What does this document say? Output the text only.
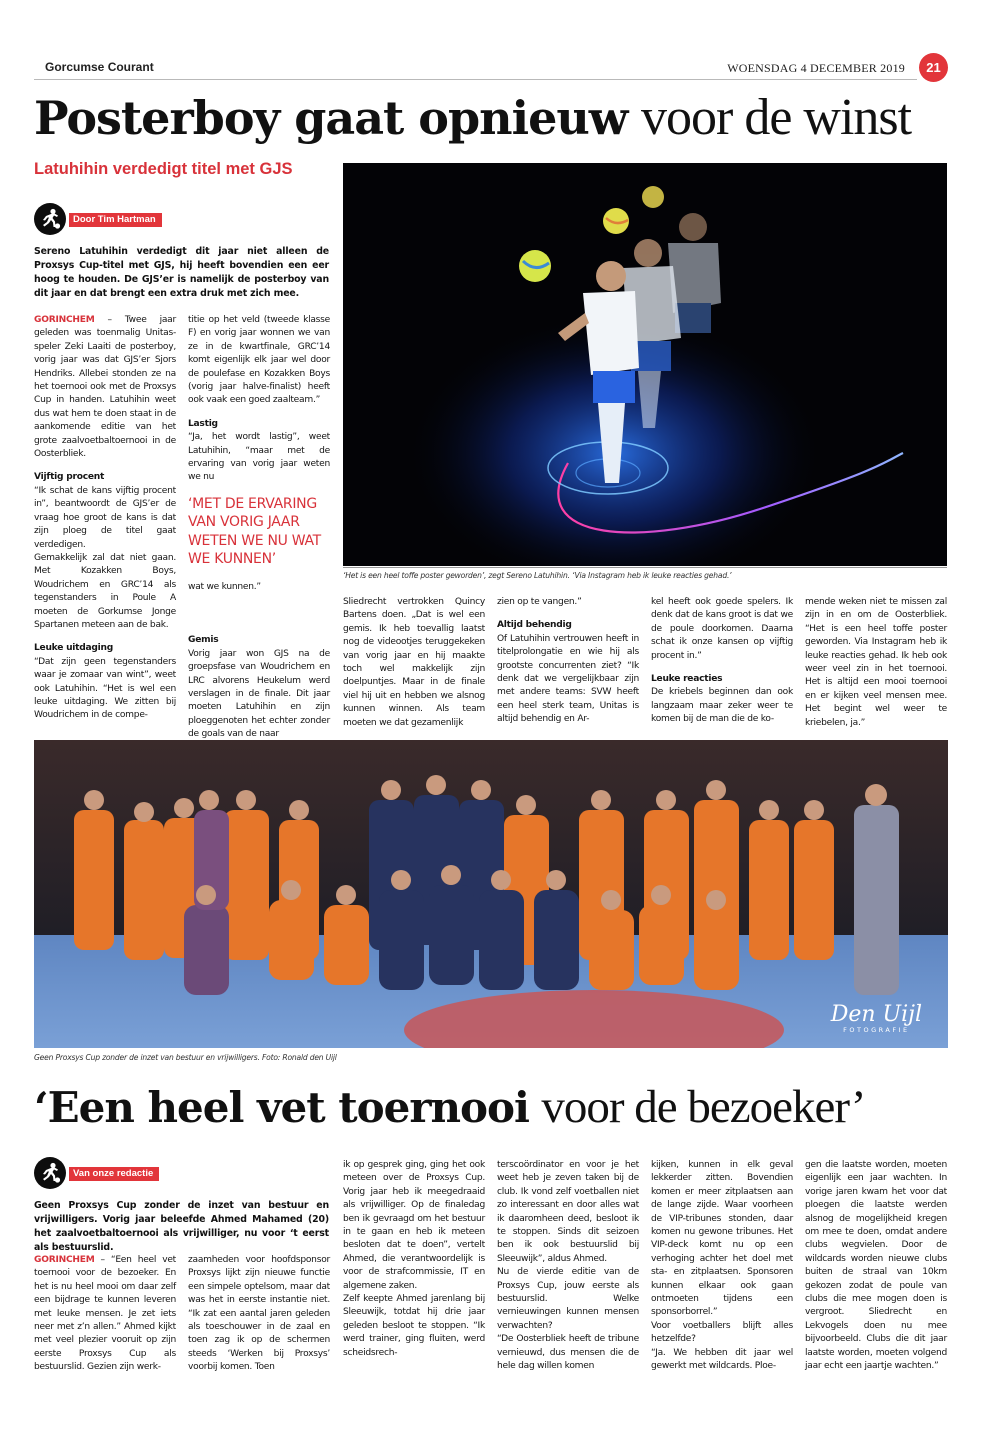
Gorcumse Courant	WOENSDAG 4 DECEMBER 2019	21
Posterboy gaat opnieuw voor de winst
Latuhihin verdedigt titel met GJS
Door Tim Hartman
Sereno Latuhihin verdedigt dit jaar niet alleen de Proxsys Cup-titel met GJS, hij heeft bovendien een eer hoog te houden. De GJS’er is namelijk de posterboy van dit jaar en dat brengt een extra druk met zich mee.

GORINCHEM – Twee jaar geleden was toenmalig Unitas-speler Zeki Laaiti de posterboy, vorig jaar was dat GJS’er Sjors Hendriks. Allebei stonden ze na het toernooi ook met de Proxsys Cup in handen. Latuhihin weet dus wat hem te doen staat in de aankomende editie van het grote zaalvoetbaltoernooi in de Oosterbliek.

Vijftig procent

“Ik schat de kans vijftig procent in”, beantwoordt de GJS’er de vraag hoe groot de kans is dat zijn ploeg de titel gaat verdedigen.

Gemakkelijk zal dat niet gaan. Met Kozakken Boys, Woudrichem en GRC’14 als tegenstanders in Poule A moeten de Gorkumse Jonge Spartanen meteen aan de bak.

Leuke uitdaging

“Dat zijn geen tegenstanders waar je zomaar van wint”, weet ook Latuhihin. “Het is wel een leuke uitdaging. We zitten bij Woudrichem in de compe-

titie op het veld (tweede klasse F) en vorig jaar wonnen we van ze in de kwartfinale, GRC’14 komt eigenlijk elk jaar wel door de poulefase en Kozakken Boys (vorig jaar halve-finalist) heeft ook vaak een goed zaalteam.”

Lastig

“Ja, het wordt lastig”, weet Latuhihin, “maar met de ervaring van vorig jaar weten we nu

‘MET DE ERVARING VAN VORIG JAAR WETEN WE NU WAT WE KUNNEN’

wat we kunnen.”

Gemis

Vorig jaar won GJS na de groepsfase van Woudrichem en LRC alvorens Heukelum werd verslagen in de finale. Dit jaar moeten Latuhihin en zijn ploeggenoten het echter zonder de goals van de naar

‘Het is een heel toffe poster geworden’, zegt Sereno Latuhihin. ‘Via Instagram heb ik leuke reacties gehad.’

Sliedrecht vertrokken Quincy Bartens doen. „Dat is wel een gemis. Ik heb toevallig laatst nog de videootjes teruggekeken van vorig jaar en hij maakte toch wel makkelijk zijn doelpuntjes. Maar in de finale viel hij uit en hebben we alsnog kunnen winnen. Als team moeten we dat gezamenlijk

zien op te vangen.”

Altijd behendig

Of Latuhihin vertrouwen heeft in titelprolongatie en wie hij als grootste concurrenten ziet? “Ik denk dat we vergelijkbaar zijn met andere teams: SVW heeft een heel sterk team, Unitas is altijd behendig en Ar-

kel heeft ook goede spelers. Ik denk dat de kans groot is dat we de poule doorkomen. Daarna schat ik onze kansen op vijftig procent in.”

Leuke reacties

De kriebels beginnen dan ook langzaam maar zeker weer te komen bij de man die de ko-

mende weken niet te missen zal zijn in en om de Oosterbliek. “Het is een heel toffe poster geworden. Via Instagram heb ik leuke reacties gehad. Ik heb ook weer veel zin in het toernooi. Het is altijd een mooi toernooi en er kijken veel mensen mee. Het begint wel weer te kriebelen, ja.”

Den Uijl
FOTOGRAFIE
Geen Proxsys Cup zonder de inzet van bestuur en vrijwilligers. Foto: Ronald den Uijl
‘Een heel vet toernooi voor de bezoeker’
Van onze redactie
Geen Proxsys Cup zonder de inzet van bestuur en vrijwilligers. Vorig jaar beleefde Ahmed Mahamed (20) het zaalvoetbaltoernooi als vrijwilliger, nu voor ‘t eerst als bestuurslid.

GORINCHEM – “Een heel vet toernooi voor de bezoeker. En het is nu heel mooi om daar zelf een bijdrage te kunnen leveren met leuke mensen. Je zet iets neer met z’n allen.” Ahmed kijkt met veel plezier vooruit op zijn eerste Proxsys Cup als bestuurslid. Gezien zijn werk-

zaamheden voor hoofdsponsor Proxsys lijkt zijn nieuwe functie een simpele optelsom, maar dat was het in eerste instantie niet. “Ik zat een aantal jaren geleden als toeschouwer in de zaal en toen zag ik op de schermen steeds ‘Werken bij Proxsys’ voorbij komen. Toen

ik op gesprek ging, ging het ook meteen over de Proxsys Cup. Vorig jaar heb ik meegedraaid als vrijwilliger. Op de finaledag ben ik gevraagd om het bestuur in te gaan en heb ik meteen besloten dat te doen”, vertelt Ahmed, die verantwoordelijk is voor de strafcommissie, IT en algemene zaken.

Zelf keepte Ahmed jarenlang bij Sleeuwijk, totdat hij drie jaar geleden besloot te stoppen. “Ik werd trainer, ging fluiten, werd scheidsrech-

terscoördinator en voor je het weet heb je zeven taken bij de club. Ik vond zelf voetballen niet zo interessant en door alles wat ik daaromheen deed, besloot ik te stoppen. Sinds dit seizoen ben ik ook bestuurslid bij Sleeuwijk”, aldus Ahmed.

Nu de vierde editie van de Proxsys Cup, jouw eerste als bestuurslid. Welke vernieuwingen kunnen mensen verwachten?

“De Oosterbliek heeft de tribune vernieuwd, dus mensen die de hele dag willen komen

kijken, kunnen in elk geval lekkerder zitten. Bovendien komen er meer zitplaatsen aan de lange zijde. Waar voorheen de VIP-tribunes stonden, daar komen nu gewone tribunes. Het VIP-deck komt nu op een verhoging achter het doel met sta- en zitplaatsen. Sponsoren kunnen elkaar ook gaan ontmoeten tijdens een sponsorborrel.”

Voor voetballers blijft alles hetzelfde?

“Ja. We hebben dit jaar wel gewerkt met wildcards. Ploe-

gen die laatste worden, moeten eigenlijk een jaar wachten. In vorige jaren kwam het voor dat ploegen die laatste werden alsnog de mogelijkheid kregen om mee te doen, omdat andere clubs wegvielen. Door de wildcards worden nieuwe clubs buiten de straal van 10km gekozen zodat de poule van clubs die mee mogen doen is vergroot. Sliedrecht en Lekvogels doen nu mee bijvoorbeeld. Clubs die dit jaar laatste worden, moeten volgend jaar echt een jaartje wachten.”
